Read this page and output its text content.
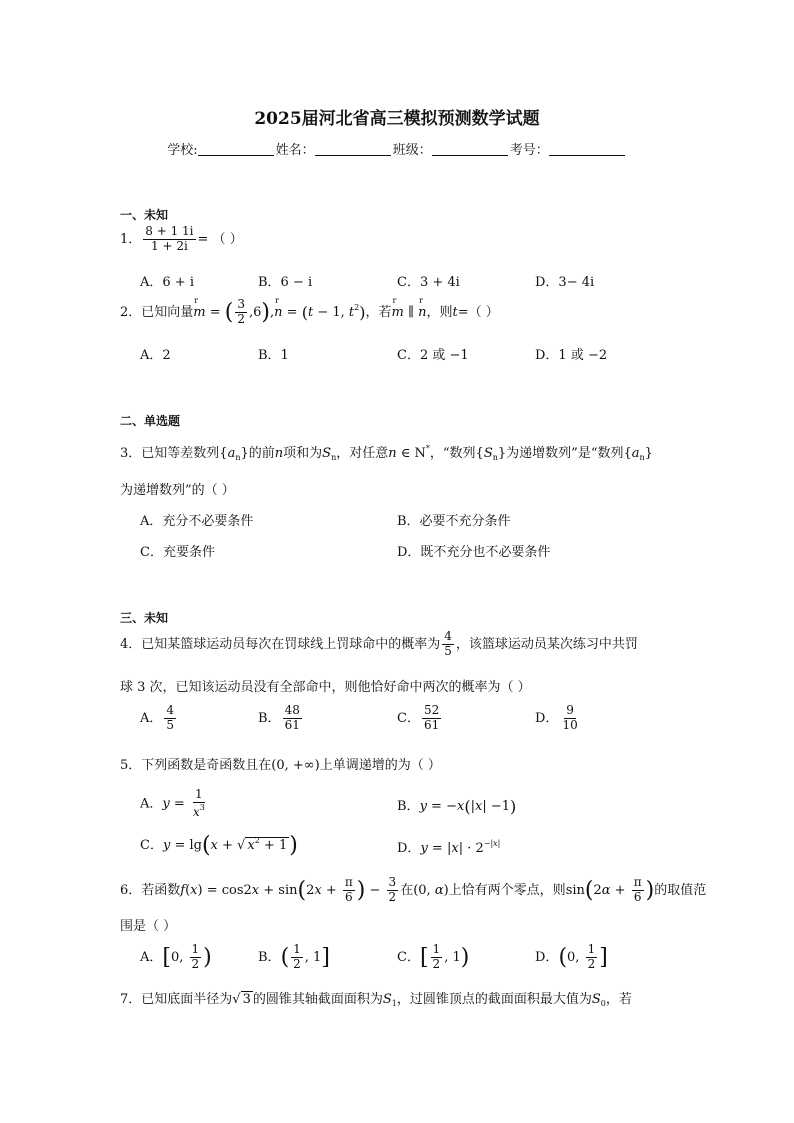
2025届河北省高三模拟预测数学试题
学校:	姓名：	班级：	考号：
一、未知
1． $\frac{8 + 1 1i}{1 + 2i}$ = （ ）
A．6 + i	B．6 − i	C．3 + 4i	D．3− 4i
2．已知向量r m = ( $\frac{3}{2} ,6),r$ n = (t − 1, $t^2$)，若r m ∥ r n，则t=（ ）
A．2	B．1	C．2 或 −1	D．1 或 −2
二、单选题
3．已知等差数列$\{a_n\}$的前n项和为$S_n$，对任意n ∈ N*，“数列$\{S_n\}$为递增数列”是“数列$\{a_n\}$
为递增数列”的（ ）
A．充分不必要条件	B．必要不充分条件
C．充要条件	D．既不充分也不必要条件
三、未知
4．已知某篮球运动员每次在罚球线上罚球命中的概率为 $\frac{4}{5}$ ，该篮球运动员某次练习中共罚
球 3 次，已知该运动员没有全部命中，则他恰好命中两次的概率为（ ）
A． $\frac{4}{5}$	B． $\frac{48}{61}$	C． $\frac{52}{61}$	D． $\frac{9}{10}$
5．下列函数是奇函数且在(0, +∞)上单调递增的为（ ）
A．$y = \frac{1}{x^3}$	B．y = −x(|x| −1)
C．y = lg(x + √ $x^2 + 1$)	D．$y = |x| \cdot 2^{-|x|}$
6．若函数$f(x) = \cos 2x + \sin(2x + \frac{\pi}{6}$ ) − $\frac{3}{2}$ 在(0, α)上恰有两个零点，则$\sin(2\alpha + \frac{\pi}{6}$ )的取值范
围是（ ）
A．[0, $\frac{1}{2}$ )	B．( $\frac{1}{2}$ , 1]	C．[ $\frac{1}{2}$ , 1)	D．(0, $\frac{1}{2}$ ]
7．已知底面半径为√ 3 的圆锥其轴截面面积为$S_1$，过圆锥顶点的截面面积最大值为$S_0$，若
